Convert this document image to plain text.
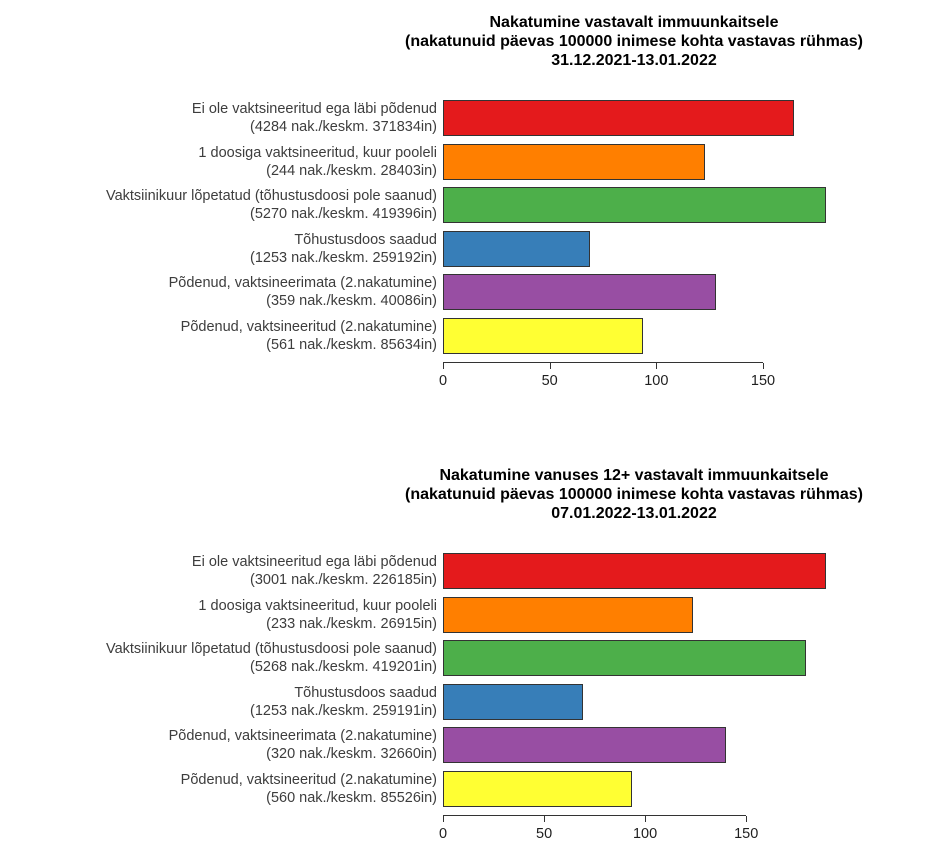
Nakatumine vastavalt immuunkaitsele
(nakatunuid päevas 100000 inimese kohta vastavas rühmas)
31.12.2021-13.01.2022
Ei ole vaktsineeritud ega läbi põdenud
(4284 nak./keskm. 371834in)
1 doosiga vaktsineeritud, kuur pooleli
(244 nak./keskm. 28403in)
Vaktsiinikuur lõpetatud (tõhustusdoosi pole saanud)
(5270 nak./keskm. 419396in)
Tõhustusdoos saadud
(1253 nak./keskm. 259192in)
Põdenud, vaktsineerimata (2.nakatumine)
(359 nak./keskm. 40086in)
Põdenud, vaktsineeritud (2.nakatumine)
(561 nak./keskm. 85634in)
0	50	100	150
Nakatumine vanuses 12+ vastavalt immuunkaitsele
(nakatunuid päevas 100000 inimese kohta vastavas rühmas)
07.01.2022-13.01.2022
Ei ole vaktsineeritud ega läbi põdenud
(3001 nak./keskm. 226185in)
1 doosiga vaktsineeritud, kuur pooleli
(233 nak./keskm. 26915in)
Vaktsiinikuur lõpetatud (tõhustusdoosi pole saanud)
(5268 nak./keskm. 419201in)
Tõhustusdoos saadud
(1253 nak./keskm. 259191in)
Põdenud, vaktsineerimata (2.nakatumine)
(320 nak./keskm. 32660in)
Põdenud, vaktsineeritud (2.nakatumine)
(560 nak./keskm. 85526in)
0	50	100	150
